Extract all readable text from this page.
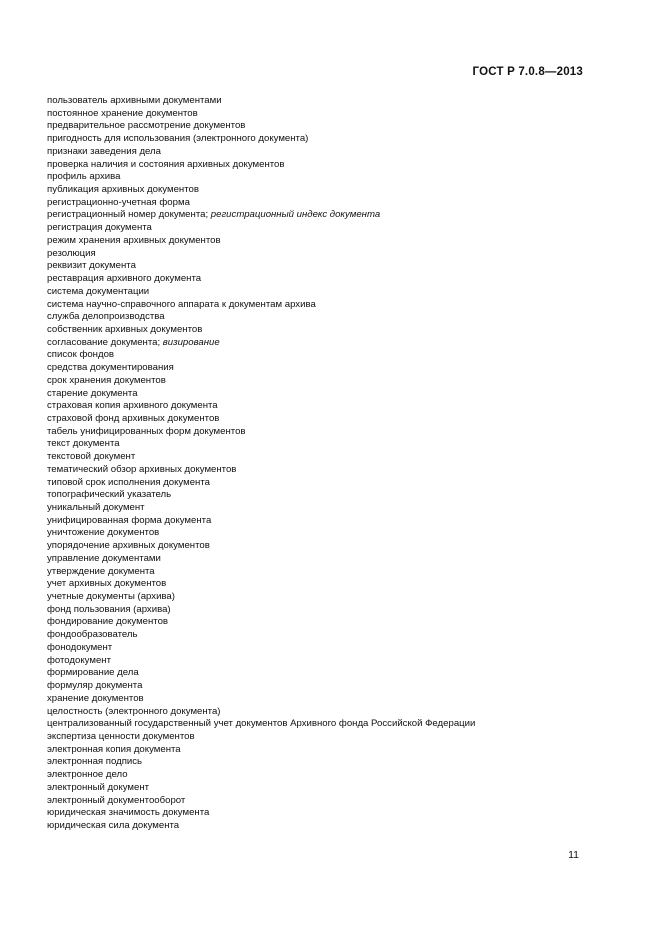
ГОСТ Р 7.0.8—2013
пользователь архивными документами
постоянное хранение документов
предварительное рассмотрение документов
пригодность для использования (электронного документа)
признаки заведения дела
проверка наличия и состояния архивных документов
профиль архива
публикация архивных документов
регистрационно-учетная форма
регистрационный номер документа; регистрационный индекс документа
регистрация документа
режим хранения архивных документов
резолюция
реквизит документа
реставрация архивного документа
система документации
система научно-справочного аппарата к документам архива
служба делопроизводства
собственник архивных документов
согласование документа; визирование
список фондов
средства документирования
срок хранения документов
старение документа
страховая копия архивного документа
страховой фонд архивных документов
табель унифицированных форм документов
текст документа
текстовой документ
тематический обзор архивных документов
типовой срок исполнения документа
топографический указатель
уникальный документ
унифицированная форма документа
уничтожение документов
упорядочение архивных документов
управление документами
утверждение документа
учет архивных документов
учетные документы (архива)
фонд пользования (архива)
фондирование документов
фондообразователь
фонодокумент
фотодокумент
формирование дела
формуляр документа
хранение документов
целостность (электронного документа)
централизованный государственный учет документов Архивного фонда Российской Федерации
экспертиза ценности документов
электронная копия документа
электронная подпись
электронное дело
электронный документ
электронный документооборот
юридическая значимость документа
юридическая сила документа
11
